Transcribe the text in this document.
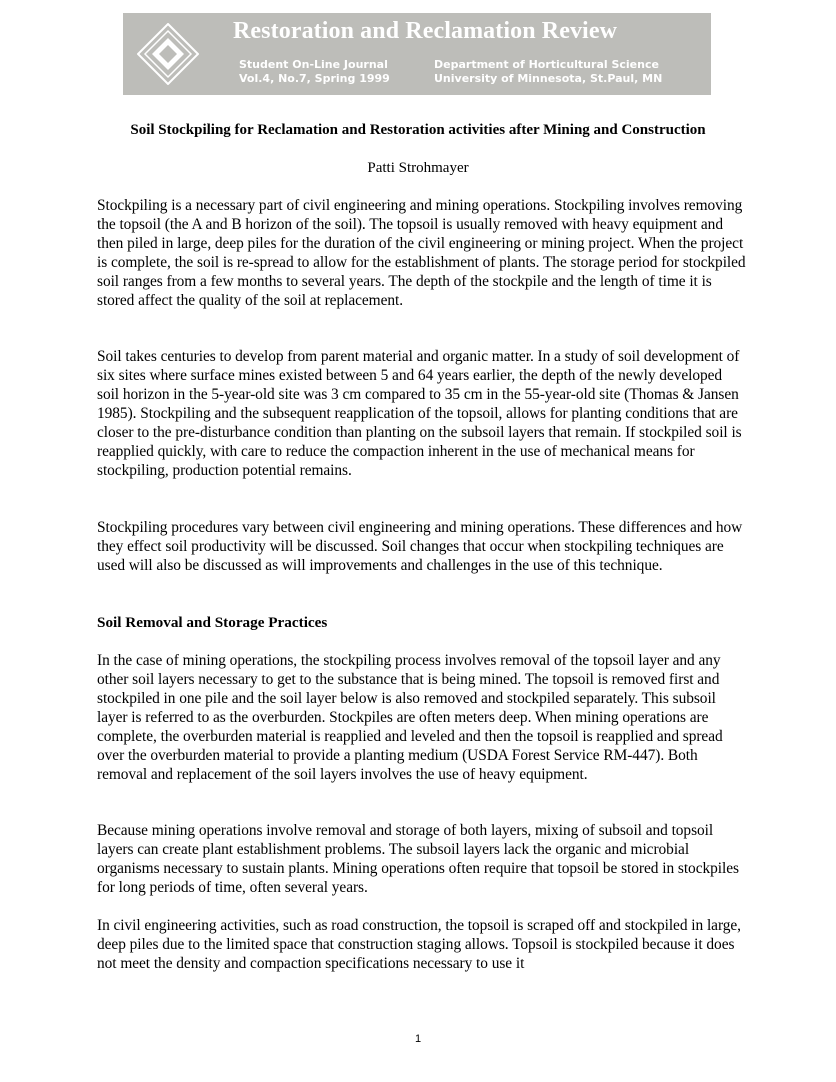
Restoration and Reclamation Review
Student On-Line Journal
Vol.4, No.7, Spring 1999
Department of Horticultural Science
University of Minnesota, St.Paul, MN
Soil Stockpiling for Reclamation and Restoration activities after Mining and Construction

Patti Strohmayer

Stockpiling is a necessary part of civil engineering and mining operations. Stockpiling involves removing the topsoil (the A and B horizon of the soil). The topsoil is usually removed with heavy equipment and then piled in large, deep piles for the duration of the civil engineering or mining project. When the project is complete, the soil is re-spread to allow for the establishment of plants. The storage period for stockpiled soil ranges from a few months to several years. The depth of the stockpile and the length of time it is stored affect the quality of the soil at replacement.

Soil takes centuries to develop from parent material and organic matter. In a study of soil development of six sites where surface mines existed between 5 and 64 years earlier, the depth of the newly developed soil horizon in the 5-year-old site was 3 cm compared to 35 cm in the 55-year-old site (Thomas & Jansen 1985). Stockpiling and the subsequent reapplication of the topsoil, allows for planting conditions that are closer to the pre-disturbance condition than planting on the subsoil layers that remain. If stockpiled soil is reapplied quickly, with care to reduce the compaction inherent in the use of mechanical means for stockpiling, production potential remains.

Stockpiling procedures vary between civil engineering and mining operations. These differences and how they effect soil productivity will be discussed. Soil changes that occur when stockpiling techniques are used will also be discussed as will improvements and challenges in the use of this technique.

Soil Removal and Storage Practices

In the case of mining operations, the stockpiling process involves removal of the topsoil layer and any other soil layers necessary to get to the substance that is being mined. The topsoil is removed first and stockpiled in one pile and the soil layer below is also removed and stockpiled separately. This subsoil layer is referred to as the overburden. Stockpiles are often meters deep. When mining operations are complete, the overburden material is reapplied and leveled and then the topsoil is reapplied and spread over the overburden material to provide a planting medium (USDA Forest Service RM-447). Both removal and replacement of the soil layers involves the use of heavy equipment.

Because mining operations involve removal and storage of both layers, mixing of subsoil and topsoil layers can create plant establishment problems. The subsoil layers lack the organic and microbial organisms necessary to sustain plants. Mining operations often require that topsoil be stored in stockpiles for long periods of time, often several years.

In civil engineering activities, such as road construction, the topsoil is scraped off and stockpiled in large, deep piles due to the limited space that construction staging allows. Topsoil is stockpiled because it does not meet the density and compaction specifications necessary to use it

1
